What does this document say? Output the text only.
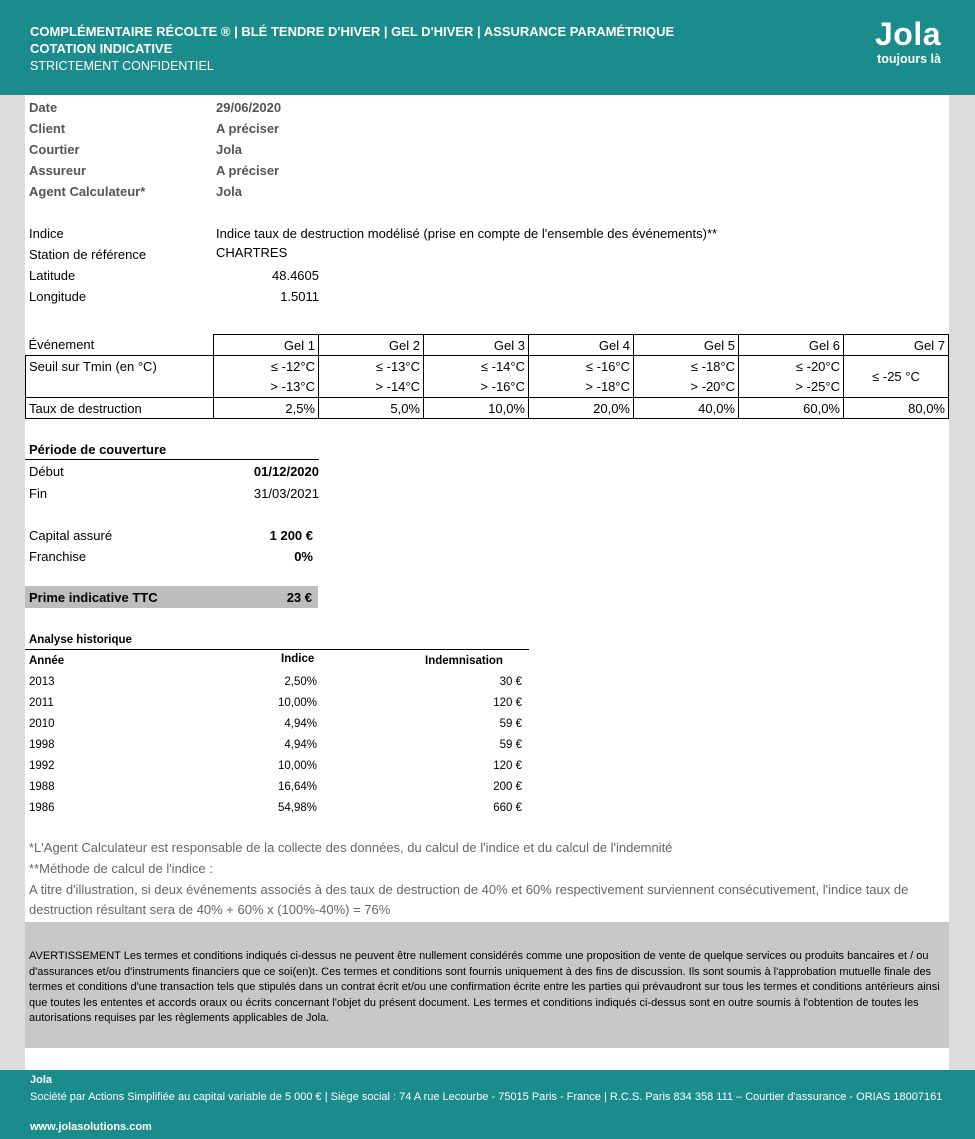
COMPLÉMENTAIRE RÉCOLTE ® | BLÉ TENDRE D'HIVER | GEL D'HIVER | ASSURANCE PARAMÉTRIQUE
COTATION INDICATIVE
STRICTEMENT CONFIDENTIEL
Jola
toujours là
Date	29/06/2020
Client	A préciser
Courtier	Jola
Assureur	A préciser
Agent Calculateur*	Jola
Indice	Indice taux de destruction modélisé (prise en compte de l'ensemble des événements)**
Station de référence	CHARTRES
Latitude	48.4605
Longitude	1.5011
Événement	Gel 1	Gel 2	Gel 3	Gel 4	Gel 5	Gel 6	Gel 7
Seuil sur Tmin (en °C)	≤ -12°C	≤ -13°C	≤ -14°C	≤ -16°C	≤ -18°C	≤ -20°C	≤ -25 °C
	> -13°C	> -14°C	> -16°C	> -18°C	> -20°C	> -25°C	
Taux de destruction	2,5%	5,0%	10,0%	20,0%	40,0%	60,0%	80,0%
Période de couverture
Début	01/12/2020
Fin	31/03/2021
Capital assuré	1 200 €
Franchise	0%
Prime indicative TTC	23 €
Analyse historique
Année	Indice	Indemnisation
2013	2,50%	30 €
2011	10,00%	120 €
2010	4,94%	59 €
1998	4,94%	59 €
1992	10,00%	120 €
1988	16,64%	200 €
1986	54,98%	660 €
*L'Agent Calculateur est responsable de la collecte des données, du calcul de l'indice et du calcul de l'indemnité
**Méthode de calcul de l'indice :
A titre d'illustration, si deux événements associés à des taux de destruction de 40% et 60% respectivement surviennent consécutivement, l'indice taux de destruction résultant sera de 40% + 60% x (100%-40%) = 76%

AVERTISSEMENT Les termes et conditions indiqués ci-dessus ne peuvent être nullement considérés comme une proposition de vente de quelque services ou produits bancaires et / ou d'assurances et/ou d'instruments financiers que ce soi(en)t. Ces termes et conditions sont fournis uniquement à des fins de discussion. Ils sont soumis à l'approbation mutuelle finale des termes et conditions d'une transaction tels que stipulés dans un contrat écrit et/ou une confirmation écrite entre les parties qui prévaudront sur tous les termes et conditions antérieurs ainsi que toutes les ententes et accords oraux ou écrits concernant l'objet du présent document. Les termes et conditions indiqués ci-dessus sont en outre soumis à l'obtention de toutes les autorisations requises par les règlements applicables de Jola.

Jola
Société par Actions Simplifiée au capital variable de 5 000 € | Siège social : 74 A rue Lecourbe - 75015 Paris - France | R.C.S. Paris 834 358 111 – Courtier d'assurance - ORIAS 18007161
www.jolasolutions.com
